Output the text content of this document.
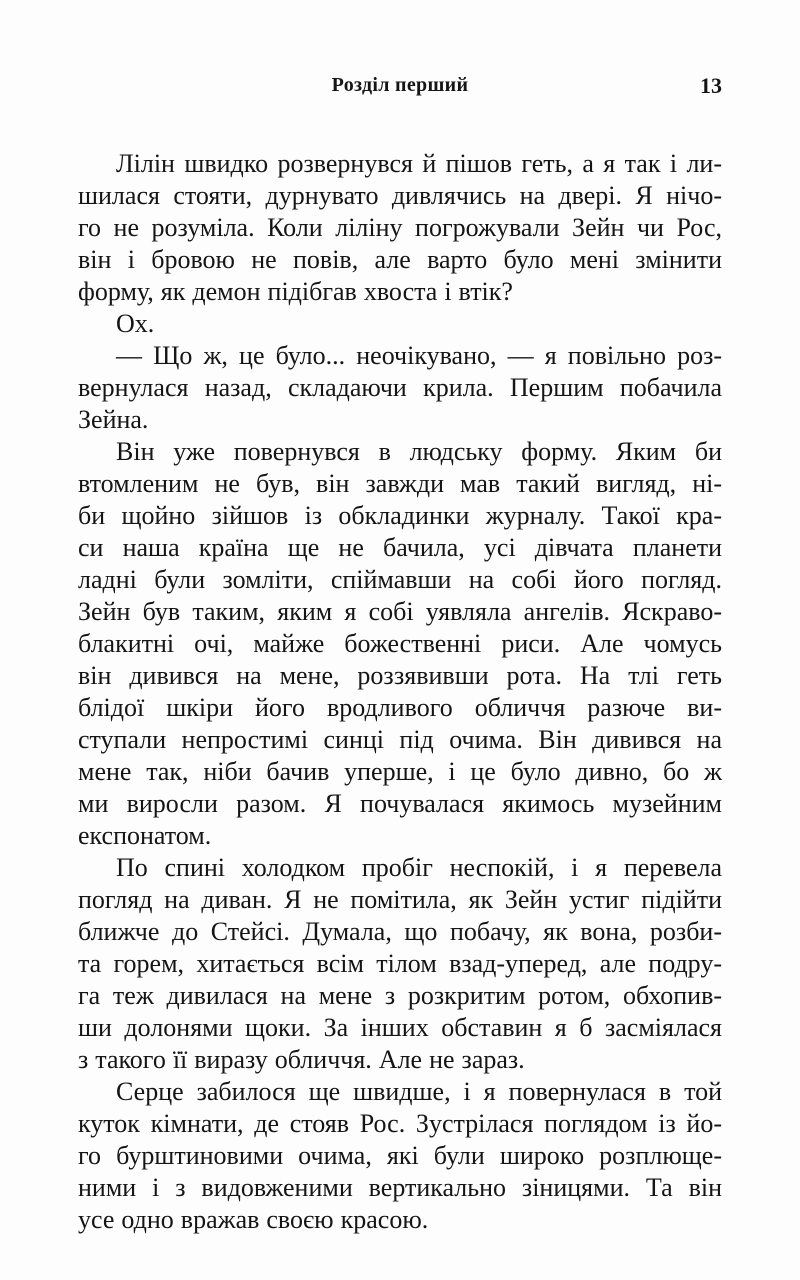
Розділ перший	13
Лілін швидко розвернувся й пішов геть, а я так і ли-
шилася стояти, дурнувато дивлячись на двері. Я нічо-
го не розуміла. Коли ліліну погрожували Зейн чи Рос,
він і бровою не повів, але варто було мені змінити
форму, як демон підібгав хвоста і втік?
Ох.
— Що ж, це було... неочікувано, — я повільно роз-
вернулася назад, складаючи крила. Першим побачила
Зейна.
Він уже повернувся в людську форму. Яким би
втомленим не був, він завжди мав такий вигляд, ні-
би щойно зійшов із обкладинки журналу. Такої кра-
си наша країна ще не бачила, усі дівчата планети
ладні були зомліти, спіймавши на собі його погляд.
Зейн був таким, яким я собі уявляла ангелів. Яскраво-
блакитні очі, майже божественні риси. Але чомусь
він дивився на мене, роззявивши рота. На тлі геть
блідої шкіри його вродливого обличчя разюче ви-
ступали непростимі синці під очима. Він дивився на
мене так, ніби бачив уперше, і це було дивно, бо ж
ми виросли разом. Я почувалася якимось музейним
експонатом.
По спині холодком пробіг неспокій, і я перевела
погляд на диван. Я не помітила, як Зейн устиг підійти
ближче до Стейсі. Думала, що побачу, як вона, розби-
та горем, хитається всім тілом взад-уперед, але подру-
га теж дивилася на мене з розкритим ротом, обхопив-
ши долонями щоки. За інших обставин я б засміялася
з такого її виразу обличчя. Але не зараз.
Серце забилося ще швидше, і я повернулася в той
куток кімнати, де стояв Рос. Зустрілася поглядом із йо-
го бурштиновими очима, які були широко розплюще-
ними і з видовженими вертикально зіницями. Та він
усе одно вражав своєю красою.
